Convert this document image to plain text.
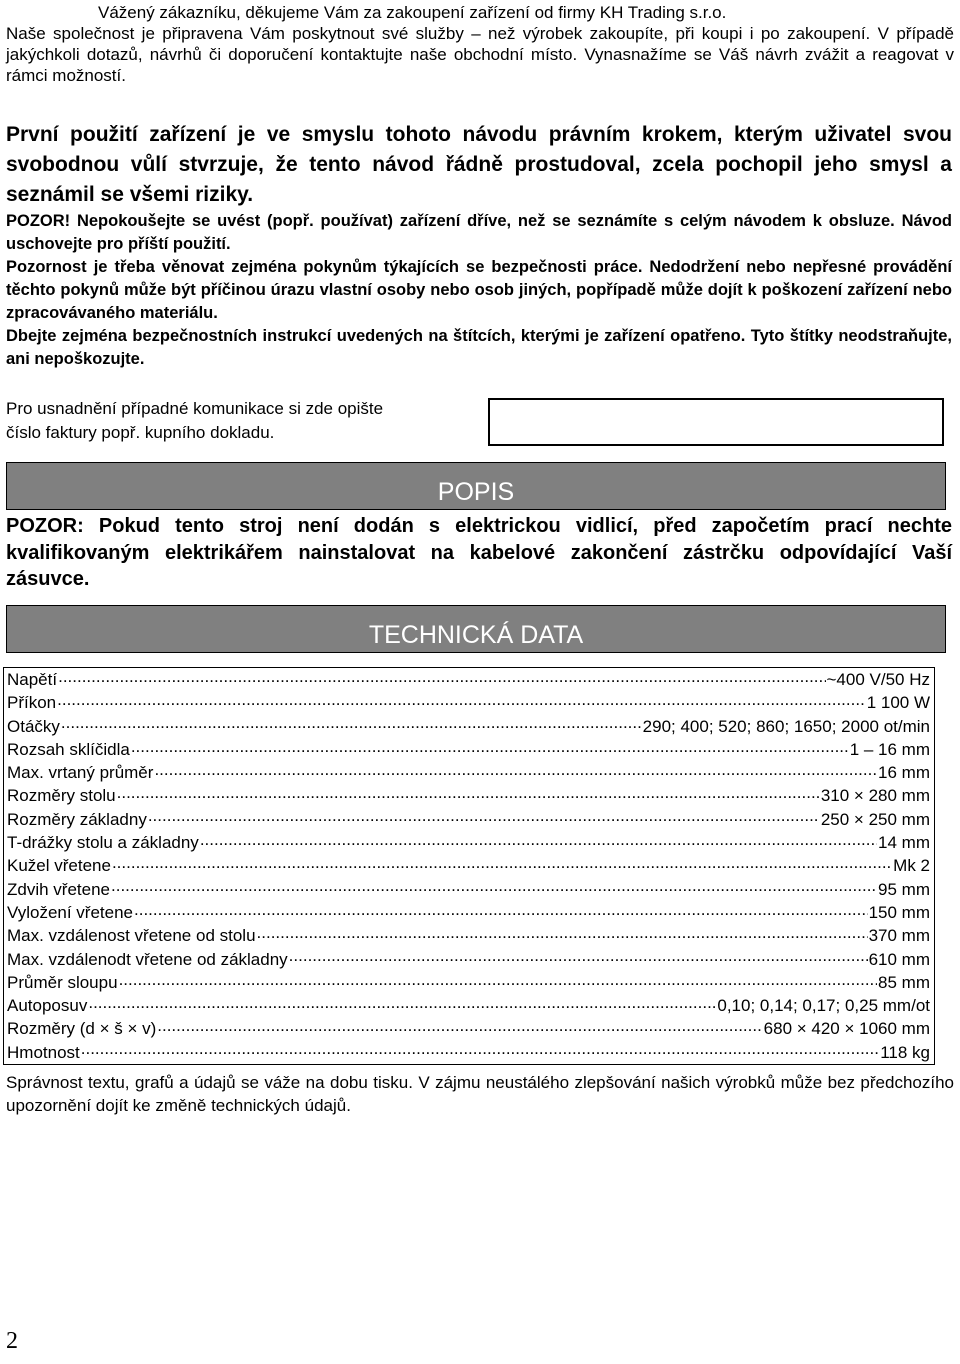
Vážený zákazníku, děkujeme Vám za zakoupení zařízení od firmy KH Trading s.r.o.

Naše společnost je připravena Vám poskytnout své služby – než výrobek zakoupíte, při koupi i po zakoupení. V případě jakýchkoli dotazů, návrhů či doporučení kontaktujte naše obchodní místo. Vynasnažíme se Váš návrh zvážit a reagovat v rámci možností.

První použití zařízení je ve smyslu tohoto návodu právním krokem, kterým uživatel svou svobodnou vůlí stvrzuje, že tento návod řádně prostudoval, zcela pochopil jeho smysl a seznámil se všemi riziky.

POZOR! Nepokoušejte se uvést (popř. používat) zařízení dříve, než se seznámíte s celým návodem k obsluze. Návod uschovejte pro příští použití.

Pozornost je třeba věnovat zejména pokynům týkajících se bezpečnosti práce. Nedodržení nebo nepřesné provádění těchto pokynů může být příčinou úrazu vlastní osoby nebo osob jiných, popřípadě může dojít k poškození zařízení nebo zpracovávaného materiálu.

Dbejte zejména bezpečnostních instrukcí uvedených na štítcích, kterými je zařízení opatřeno. Tyto štítky neodstraňujte, ani nepoškozujte.

Pro usnadnění případné komunikace si zde opište

číslo faktury popř. kupního dokladu.

POPIS

POZOR: Pokud tento stroj není dodán s elektrickou vidlicí, před započetím prací nechte kvalifikovaným elektrikářem nainstalovat na kabelové zakončení zástrčku odpovídající Vaší zásuvce.

TECHNICKÁ DATA
Napětí .....	~400 V/50 Hz
Příkon .....	1 100 W
Otáčky .....	290; 400; 520; 860; 1650; 2000 ot/min
Rozsah sklíčidla .....	1 – 16 mm
Max. vrtaný průměr .....	16 mm
Rozměry stolu .....	310 × 280 mm
Rozměry základny .....	250 × 250 mm
T-drážky stolu a základny .....	14 mm
Kužel vřetene .....	Mk 2
Zdvih vřetene .....	95 mm
Vyložení vřetene .....	150 mm
Max. vzdálenost vřetene od stolu .....	370 mm
Max. vzdálenodt vřetene od základny .....	610 mm
Průměr sloupu .....	85 mm
Autoposuv .....	0,10; 0,14; 0,17; 0,25 mm/ot
Rozměry (d × š × v) .....	680 × 420 × 1060 mm
Hmotnost .....	118 kg

Správnost textu, grafů a údajů se váže na dobu tisku. V zájmu neustálého zlepšování našich výrobků může bez předchozího upozornění dojít ke změně technických údajů.

2
